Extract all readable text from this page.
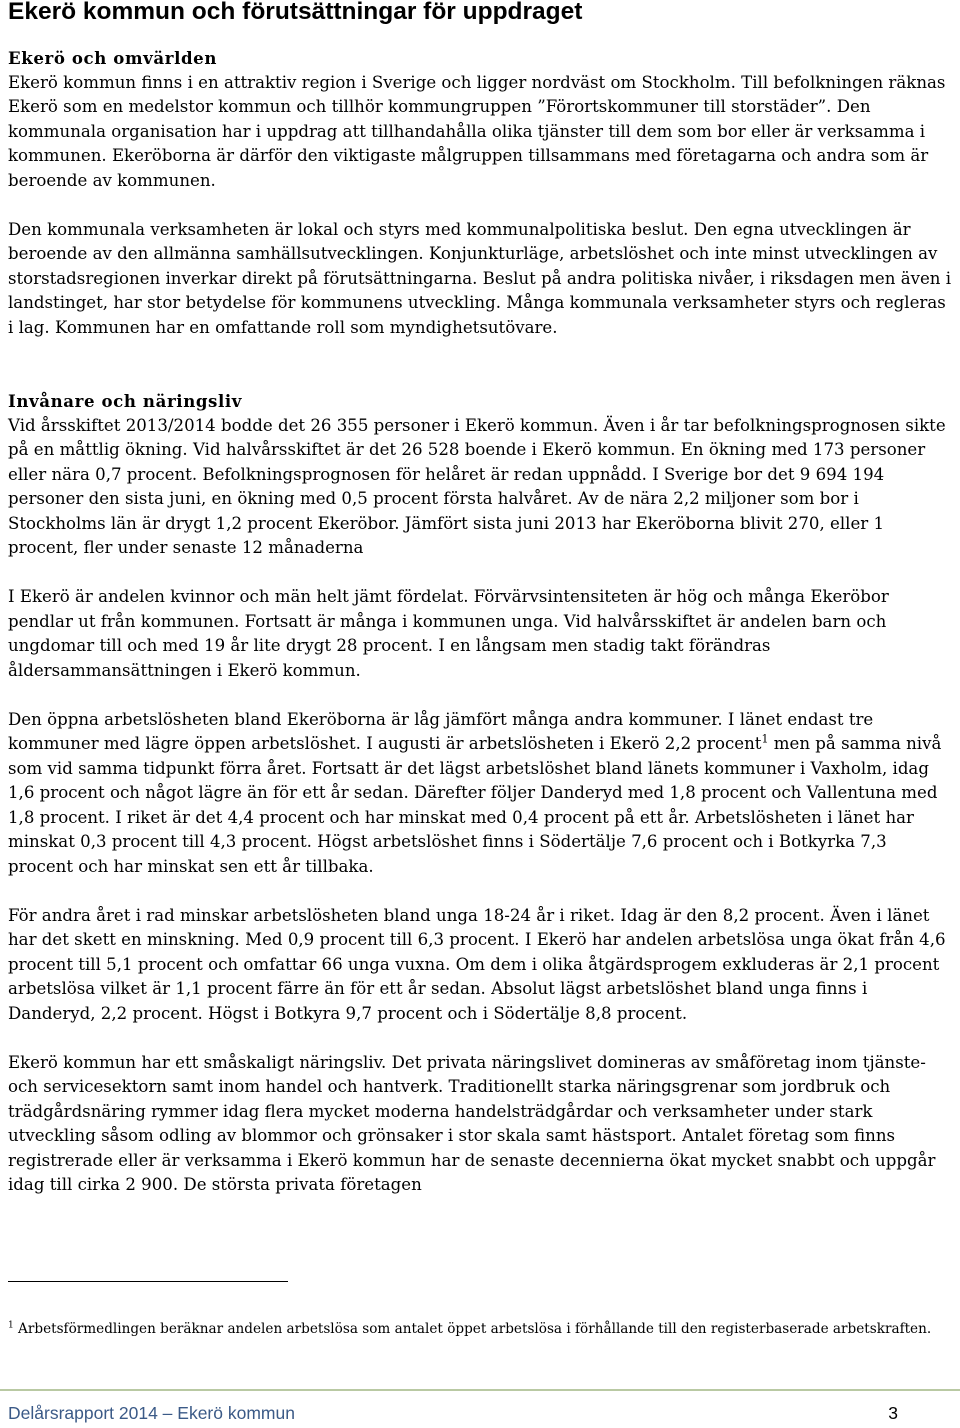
Ekerö kommun och förutsättningar för uppdraget

Ekerö och omvärlden

Ekerö kommun finns i en attraktiv region i Sverige och ligger nordväst om Stockholm. Till befolkningen räknas Ekerö som en medelstor kommun och tillhör kommungruppen ”Förortskommuner till storstäder”. Den kommunala organisation har i uppdrag att tillhandahålla olika tjänster till dem som bor eller är verksamma i kommunen. Ekeröborna är därför den viktigaste målgruppen tillsammans med företagarna och andra som är beroende av kommunen.

Den kommunala verksamheten är lokal och styrs med kommunalpolitiska beslut. Den egna utvecklingen är beroende av den allmänna samhällsutvecklingen. Konjunkturläge, arbetslöshet och inte minst utvecklingen av storstadsregionen inverkar direkt på förutsättningarna. Beslut på andra politiska nivåer, i riksdagen men även i landstinget, har stor betydelse för kommunens utveckling. Många kommunala verksamheter styrs och regleras i lag. Kommunen har en omfattande roll som myndighetsutövare.

Invånare och näringsliv

Vid årsskiftet 2013/2014 bodde det 26 355 personer i Ekerö kommun. Även i år tar befolkningsprognosen sikte på en måttlig ökning. Vid halvårsskiftet är det 26 528 boende i Ekerö kommun. En ökning med 173 personer eller nära 0,7 procent. Befolkningsprognosen för helåret är redan uppnådd. I Sverige bor det 9 694 194 personer den sista juni, en ökning med 0,5 procent första halvåret. Av de nära 2,2 miljoner som bor i Stockholms län är drygt 1,2 procent Ekeröbor. Jämfört sista juni 2013 har Ekeröborna blivit 270, eller 1 procent, fler under senaste 12 månaderna

I Ekerö är andelen kvinnor och män helt jämt fördelat. Förvärvsintensiteten är hög och många Ekeröbor pendlar ut från kommunen. Fortsatt är många i kommunen unga. Vid halvårsskiftet är andelen barn och ungdomar till och med 19 år lite drygt 28 procent. I en långsam men stadig takt förändras åldersammansättningen i Ekerö kommun.

Den öppna arbetslösheten bland Ekeröborna är låg jämfört många andra kommuner. I länet endast tre kommuner med lägre öppen arbetslöshet. I augusti är arbetslösheten i Ekerö 2,2 procent$^1$ men på samma nivå som vid samma tidpunkt förra året. Fortsatt är det lägst arbetslöshet bland länets kommuner i Vaxholm, idag 1,6 procent och något lägre än för ett år sedan. Därefter följer Danderyd med 1,8 procent och Vallentuna med 1,8 procent. I riket är det 4,4 procent och har minskat med 0,4 procent på ett år. Arbetslösheten i länet har minskat 0,3 procent till 4,3 procent. Högst arbetslöshet finns i Södertälje 7,6 procent och i Botkyrka 7,3 procent och har minskat sen ett år tillbaka.

För andra året i rad minskar arbetslösheten bland unga 18-24 år i riket. Idag är den 8,2 procent. Även i länet har det skett en minskning. Med 0,9 procent till 6,3 procent. I Ekerö har andelen arbetslösa unga ökat från 4,6 procent till 5,1 procent och omfattar 66 unga vuxna. Om dem i olika åtgärdsprogem exkluderas är 2,1 procent arbetslösa vilket är 1,1 procent färre än för ett år sedan. Absolut lägst arbetslöshet bland unga finns i Danderyd, 2,2 procent. Högst i Botkyra 9,7 procent och i Södertälje 8,8 procent.

Ekerö kommun har ett småskaligt näringsliv. Det privata näringslivet domineras av småföretag inom tjänste- och servicesektorn samt inom handel och hantverk. Traditionellt starka näringsgrenar som jordbruk och trädgårdsnäring rymmer idag flera mycket moderna handelsträdgårdar och verksamheter under stark utveckling såsom odling av blommor och grönsaker i stor skala samt hästsport. Antalet företag som finns registrerade eller är verksamma i Ekerö kommun har de senaste decennierna ökat mycket snabbt och uppgår idag till cirka 2 900. De största privata företagen

$^1$ Arbetsförmedlingen beräknar andelen arbetslösa som antalet öppet arbetslösa i förhållande till den registerbaserade arbetskraften.
Delårsrapport 2014 – Ekerö kommun	3
